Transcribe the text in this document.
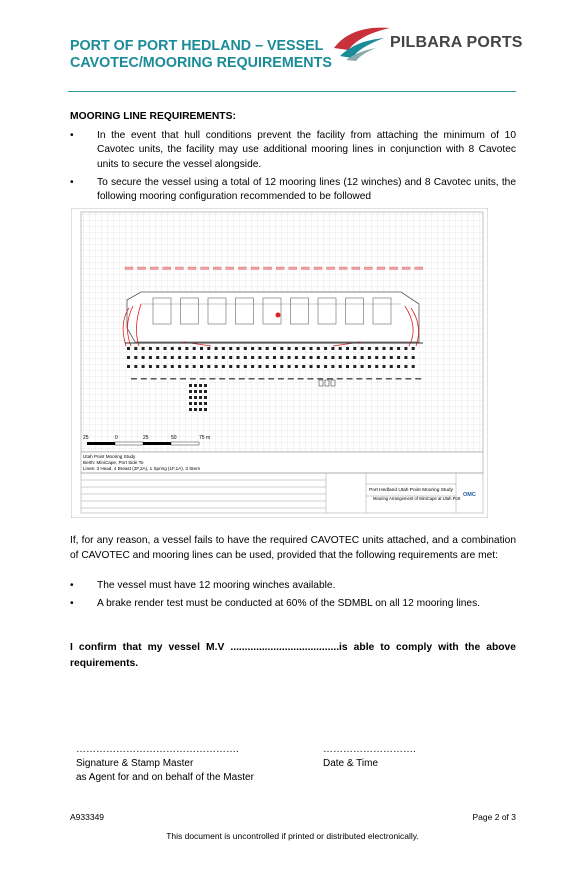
PORT OF PORT HEDLAND – VESSEL CAVOTEC/MOORING REQUIREMENTS
PILBARA PORTS
MOORING LINE REQUIREMENTS:
• In the event that hull conditions prevent the facility from attaching the minimum of 10 Cavotec units, the facility may use additional mooring lines in conjunction with 8 Cavotec units to secure the vessel alongside.
• To secure the vessel using a total of 12 mooring lines (12 winches) and 8 Cavotec units, the following mooring configuration recommended to be followed
25	0	25	50	75 m
Utah Point Mooring Study
Berth: MiniCape, Port Side To
Lines: 3 Head, 4 Breast (2F,2A), 1 Spring (1F,1A), 3 Stern
Port Hedland Utah Point Mooring Study
Mooring Arrangement of MiniCape at Utah Port
OMC
If, for any reason, a vessel fails to have the required CAVOTEC units attached, and a combination of CAVOTEC and mooring lines can be used, provided that the following requirements are met:
• The vessel must have 12 mooring winches available.
• A brake render test must be conducted at 60% of the SDMBL on all 12 mooring lines.
I confirm that my vessel M.V ......................................is able to comply with the above requirements.
………………………………………….
Signature & Stamp Master
as Agent for and on behalf of the Master
……………………….
Date & Time
A933349	Page 2 of 3
This document is uncontrolled if printed or distributed electronically.
